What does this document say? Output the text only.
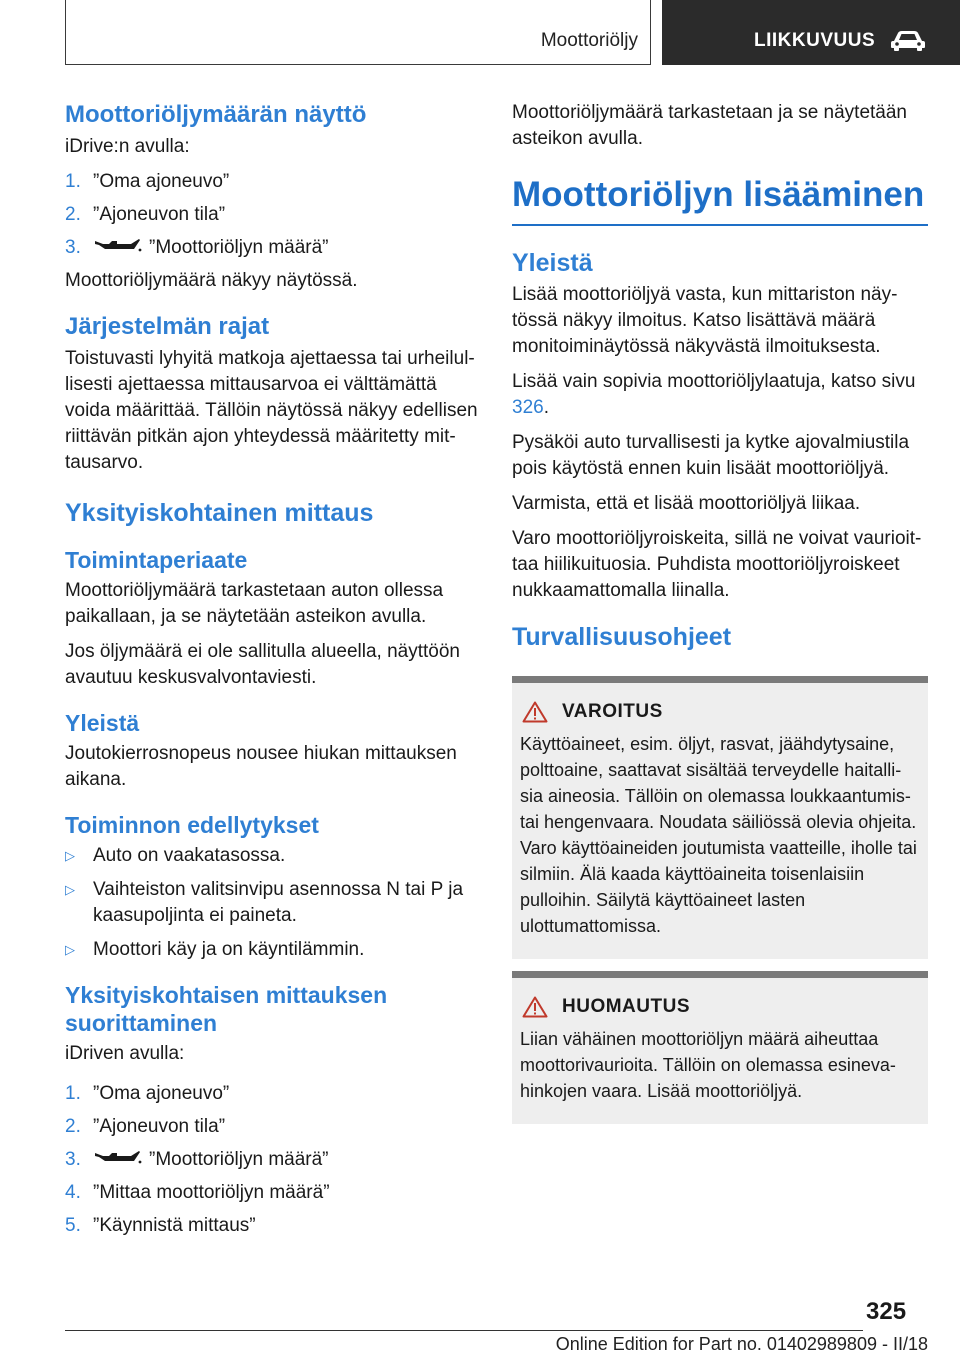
Moottoriöljy	LIIKKUVUUS
Moottoriöljymäärän näyttö

iDrive:n avulla:

1. ”Oma ajoneuvo”
2. ”Ajoneuvon tila”
3.	”Moottoriöljyn määrä”

Moottoriöljymäärä näkyy näytössä.

Järjestelmän rajat

Toistuvasti lyhyitä matkoja ajettaessa tai urheilullisesti ajettaessa mittausarvoa ei välttämättä voida määrittää. Tällöin näytössä näkyy edellisen riittävän pitkän ajon yhteydessä määritetty mittausarvo.

Yksityiskohtainen mittaus
Toimintaperiaate

Moottoriöljymäärä tarkastetaan auton ollessa paikallaan, ja se näytetään asteikon avulla.

Jos öljymäärä ei ole sallitulla alueella, näyttöön avautuu keskusvalvontaviesti.

Yleistä

Joutokierrosnopeus nousee hiukan mittauksen aikana.

Toiminnon edellytykset
▷ Auto on vaakatasossa.
▷ Vaihteiston valitsinvipu asennossa N tai P ja kaasupoljinta ei paineta.
▷ Moottori käy ja on käyntilämmin.
Yksityiskohtaisen mittauksen suorittaminen

iDriven avulla:

1. ”Oma ajoneuvo”
2. ”Ajoneuvon tila”
3.	”Moottoriöljyn määrä”
4. ”Mittaa moottoriöljyn määrä”
5. ”Käynnistä mittaus”

Moottoriöljymäärä tarkastetaan ja se näytetään asteikon avulla.

Moottoriöljyn lisääminen
Yleistä

Lisää moottoriöljyä vasta, kun mittariston näytössä näkyy ilmoitus. Katso lisättävä määrä monitoiminäytössä näkyvästä ilmoituksesta.

Lisää vain sopivia moottoriöljylaatuja, katso sivu 326.

Pysäköi auto turvallisesti ja kytke ajovalmiustila pois käytöstä ennen kuin lisäät moottoriöljyä.

Varmista, että et lisää moottoriöljyä liikaa.

Varo moottoriöljyroiskeita, sillä ne voivat vaurioittaa hiilikuituosia. Puhdista moottoriöljyroiskeet nukkaamattomalla liinalla.

Turvallisuusohjeet
VAROITUS

Käyttöaineet, esim. öljyt, rasvat, jäähdytysaine, polttoaine, saattavat sisältää terveydelle haitallisia aineosia. Tällöin on olemassa loukkaantumis- tai hengenvaara. Noudata säiliössä olevia ohjeita. Varo käyttöaineiden joutumista vaatteille, iholle tai silmiin. Älä kaada käyttöaineita toisenlaisiin pulloihin. Säilytä käyttöaineet lasten ulottumattomissa.

HUOMAUTUS

Liian vähäinen moottoriöljyn määrä aiheuttaa moottorivaurioita. Tällöin on olemassa esinevahinkojen vaara. Lisää moottoriöljyä.

325
Online Edition for Part no. 01402989809 - II/18
